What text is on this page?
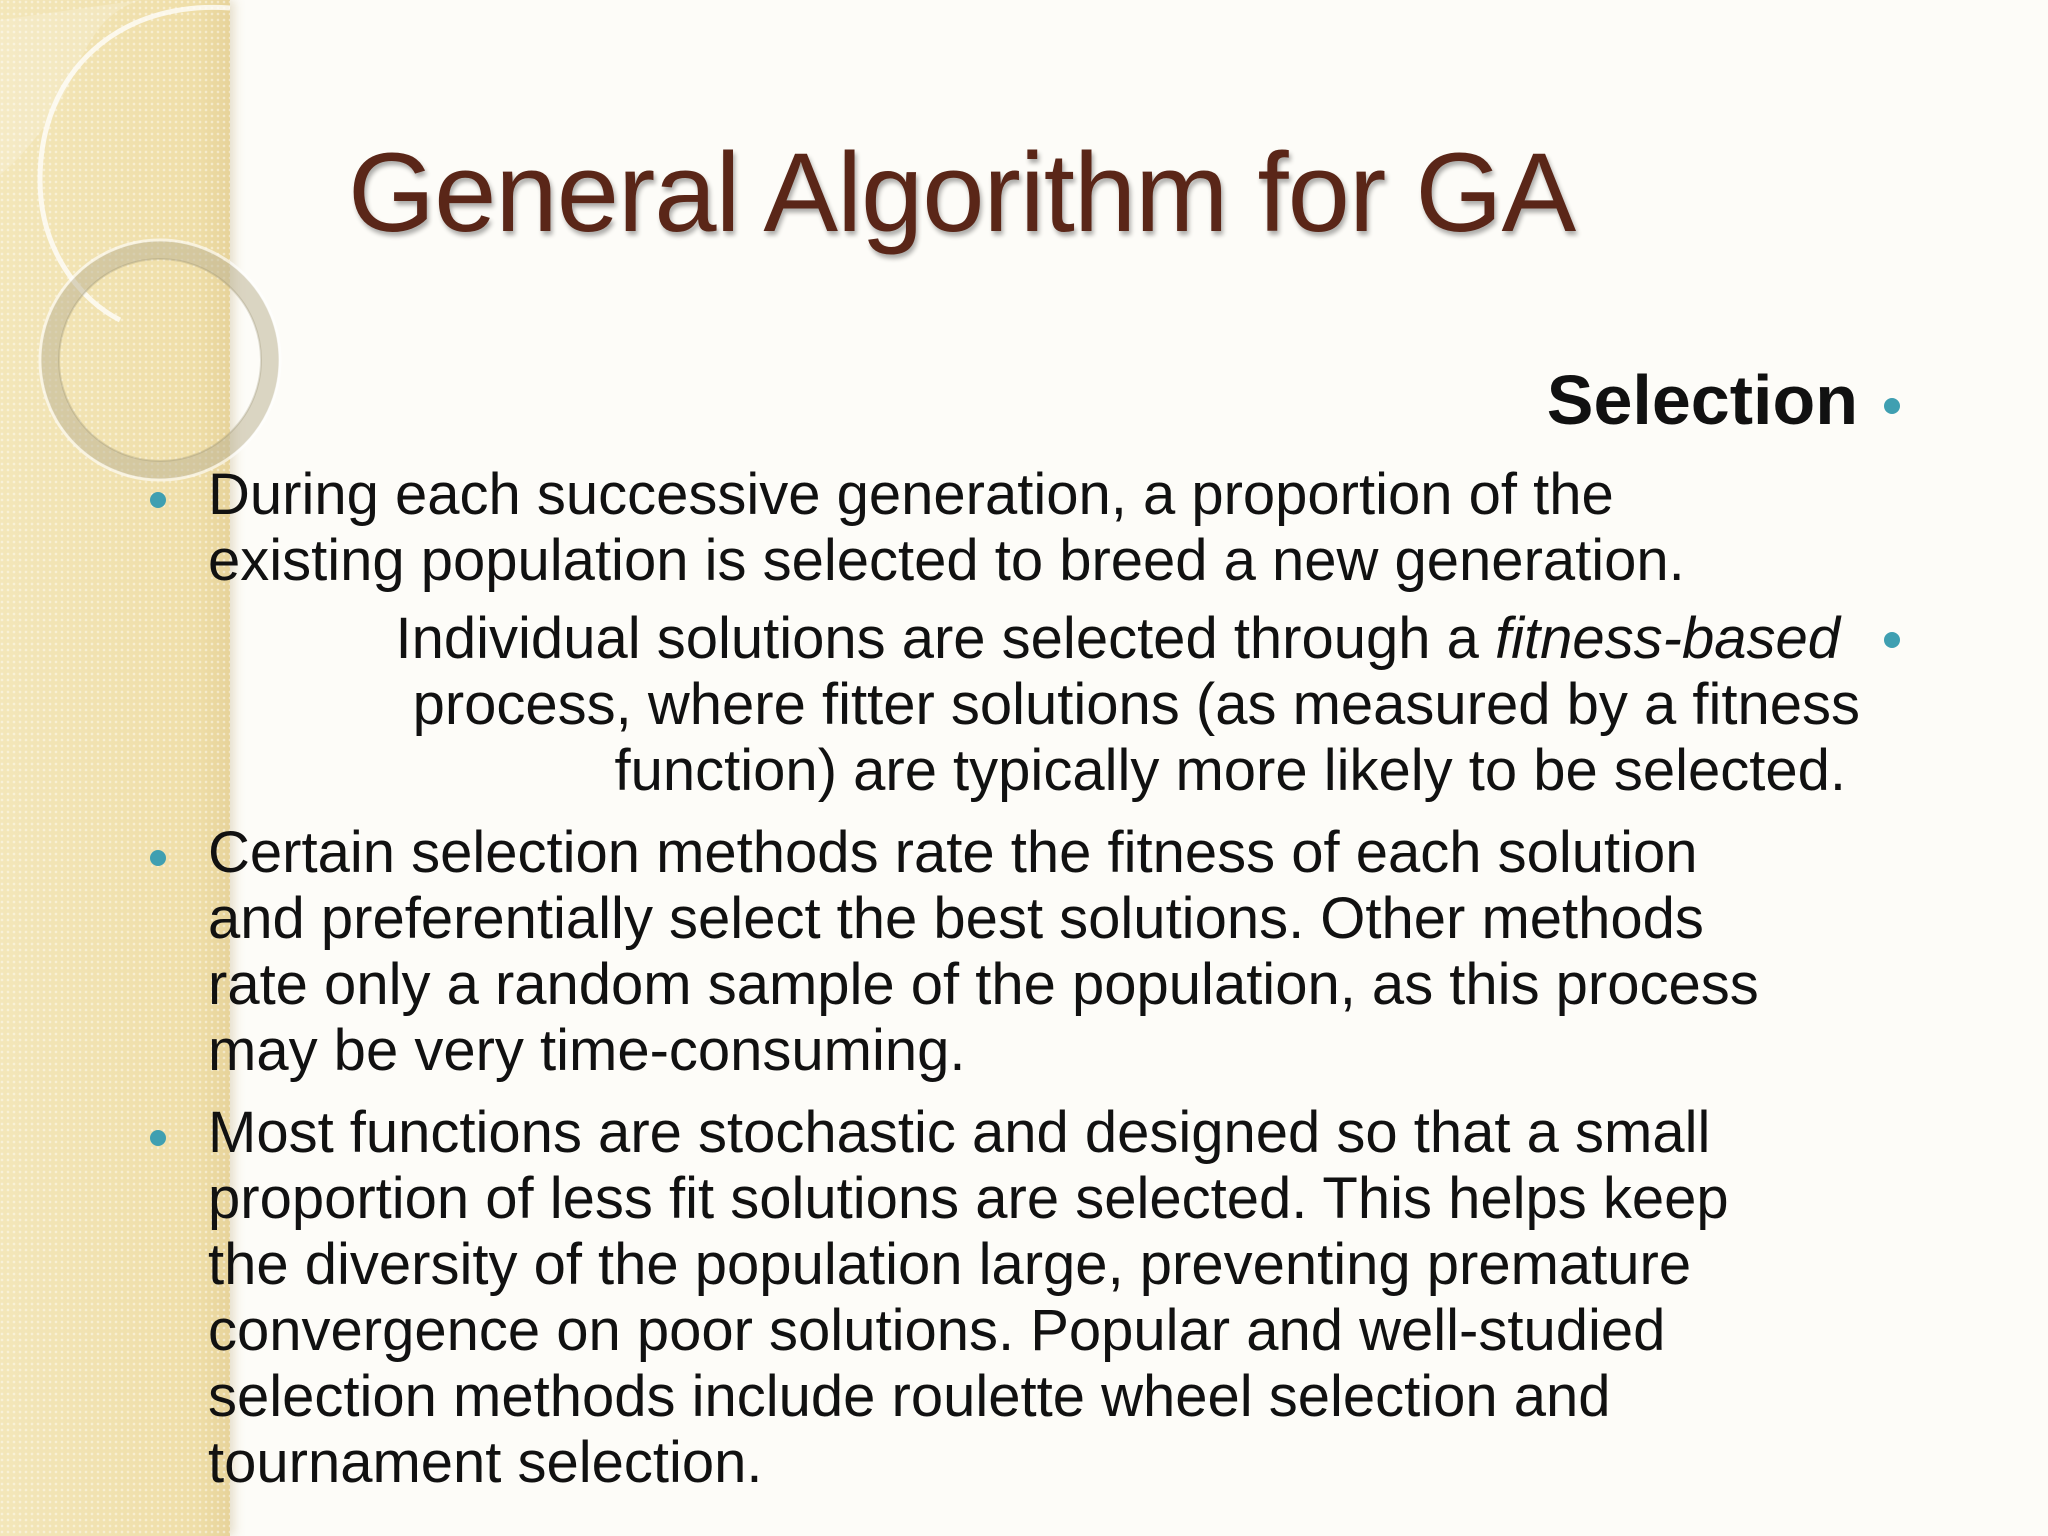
General Algorithm for GA
Selection
During each successive generation, a proportion of the
existing population is selected to breed a new generation.
Individual solutions are selected through a fitness-based
process, where fitter solutions (as measured by a fitness
function) are typically more likely to be selected.
Certain selection methods rate the fitness of each solution
and preferentially select the best solutions. Other methods
rate only a random sample of the population, as this process
may be very time-consuming.
Most functions are stochastic and designed so that a small
proportion of less fit solutions are selected. This helps keep
the diversity of the population large, preventing premature
convergence on poor solutions. Popular and well-studied
selection methods include roulette wheel selection and
tournament selection.
